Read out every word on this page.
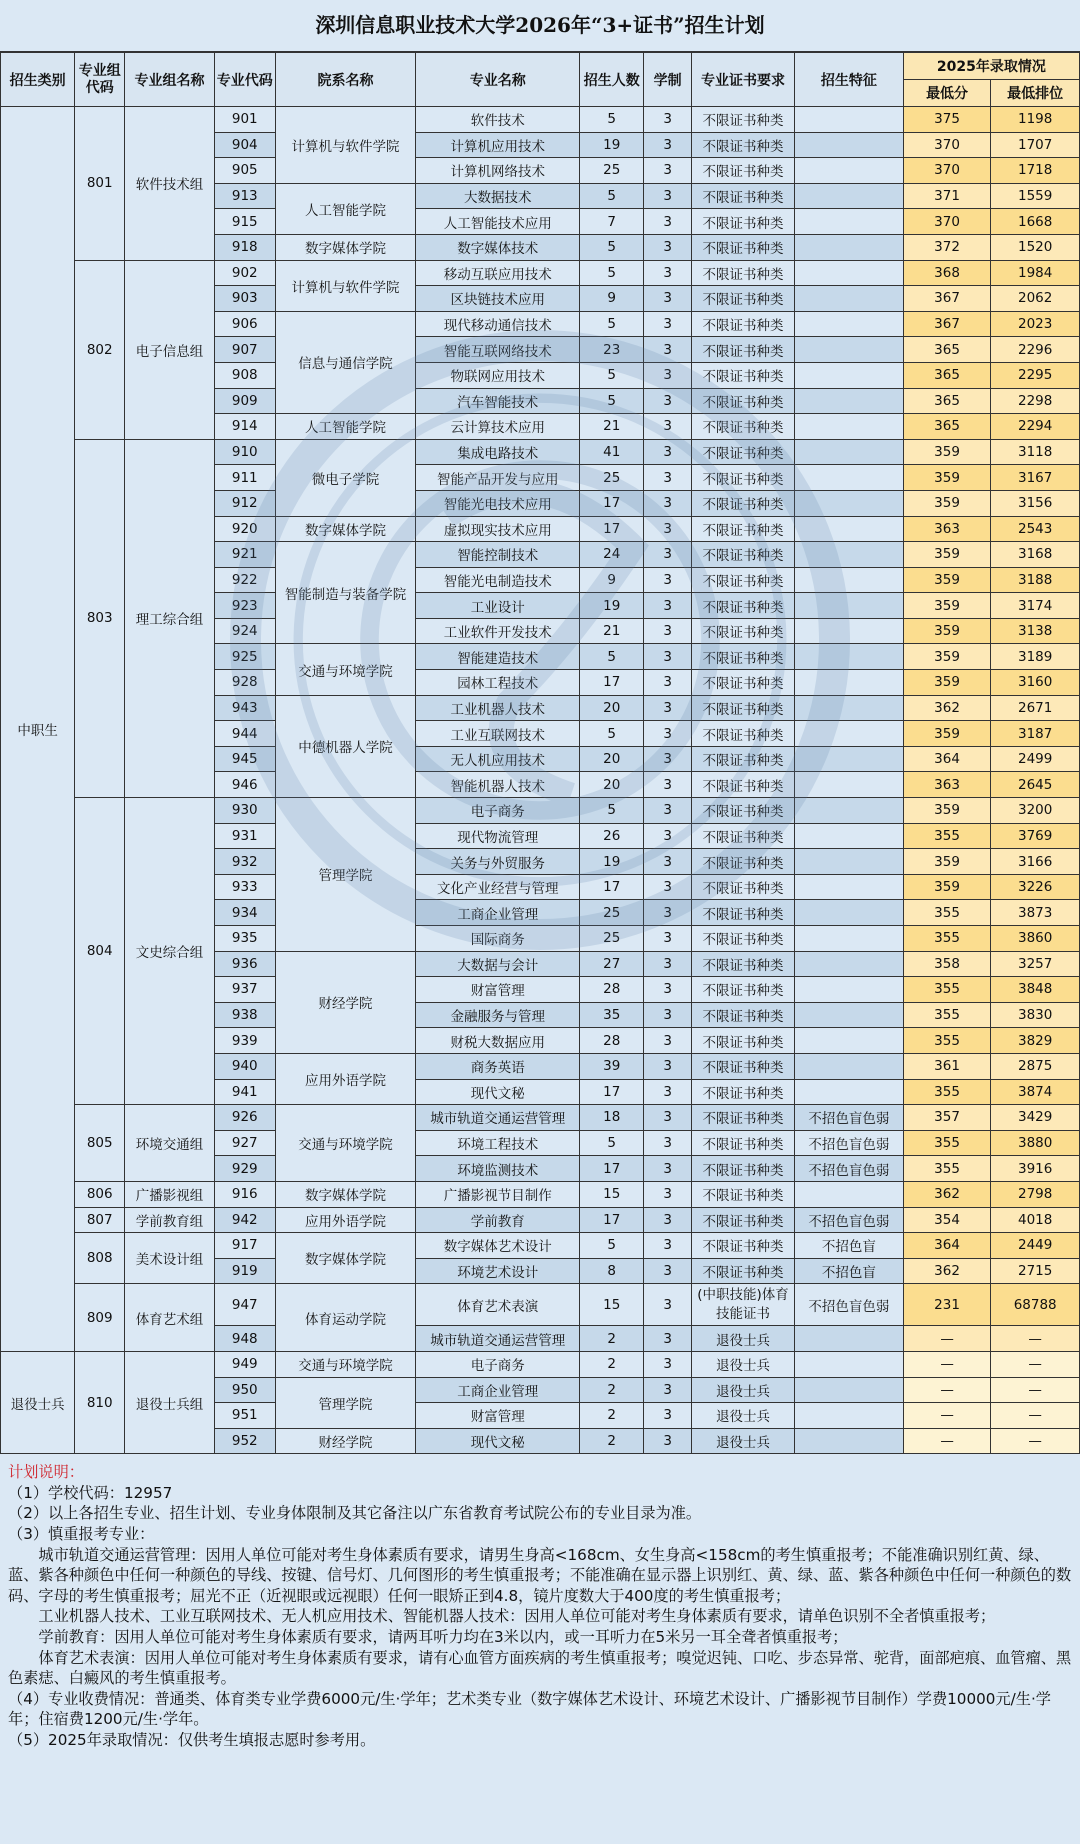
深圳信息职业技术大学2026年“3+证书”招生计划
招生类别	专业组代码	专业组名称	专业代码	院系名称	专业名称	招生人数	学制	专业证书要求	招生特征	2025年录取情况	
										最低分	最低排位
中职生	801	软件技术组	901	计算机与软件学院	软件技术	5	3	不限证书种类		375	1198
			904		计算机应用技术	19	3	不限证书种类		370	1707
			905		计算机网络技术	25	3	不限证书种类		370	1718
			913	人工智能学院	大数据技术	5	3	不限证书种类		371	1559
			915		人工智能技术应用	7	3	不限证书种类		370	1668
			918	数字媒体学院	数字媒体技术	5	3	不限证书种类		372	1520
	802	电子信息组	902	计算机与软件学院	移动互联应用技术	5	3	不限证书种类		368	1984
			903		区块链技术应用	9	3	不限证书种类		367	2062
			906	信息与通信学院	现代移动通信技术	5	3	不限证书种类		367	2023
			907		智能互联网络技术	23	3	不限证书种类		365	2296
			908		物联网应用技术	5	3	不限证书种类		365	2295
			909		汽车智能技术	5	3	不限证书种类		365	2298
			914	人工智能学院	云计算技术应用	21	3	不限证书种类		365	2294
	803	理工综合组	910	微电子学院	集成电路技术	41	3	不限证书种类		359	3118
			911		智能产品开发与应用	25	3	不限证书种类		359	3167
			912		智能光电技术应用	17	3	不限证书种类		359	3156
			920	数字媒体学院	虚拟现实技术应用	17	3	不限证书种类		363	2543
			921	智能制造与装备学院	智能控制技术	24	3	不限证书种类		359	3168
			922		智能光电制造技术	9	3	不限证书种类		359	3188
			923		工业设计	19	3	不限证书种类		359	3174
			924		工业软件开发技术	21	3	不限证书种类		359	3138
			925	交通与环境学院	智能建造技术	5	3	不限证书种类		359	3189
			928		园林工程技术	17	3	不限证书种类		359	3160
			943	中德机器人学院	工业机器人技术	20	3	不限证书种类		362	2671
			944		工业互联网技术	5	3	不限证书种类		359	3187
			945		无人机应用技术	20	3	不限证书种类		364	2499
			946		智能机器人技术	20	3	不限证书种类		363	2645
	804	文史综合组	930	管理学院	电子商务	5	3	不限证书种类		359	3200
			931		现代物流管理	26	3	不限证书种类		355	3769
			932		关务与外贸服务	19	3	不限证书种类		359	3166
			933		文化产业经营与管理	17	3	不限证书种类		359	3226
			934		工商企业管理	25	3	不限证书种类		355	3873
			935		国际商务	25	3	不限证书种类		355	3860
			936	财经学院	大数据与会计	27	3	不限证书种类		358	3257
			937		财富管理	28	3	不限证书种类		355	3848
			938		金融服务与管理	35	3	不限证书种类		355	3830
			939		财税大数据应用	28	3	不限证书种类		355	3829
			940	应用外语学院	商务英语	39	3	不限证书种类		361	2875
			941		现代文秘	17	3	不限证书种类		355	3874
	805	环境交通组	926	交通与环境学院	城市轨道交通运营管理	18	3	不限证书种类	不招色盲色弱	357	3429
			927		环境工程技术	5	3	不限证书种类	不招色盲色弱	355	3880
			929		环境监测技术	17	3	不限证书种类	不招色盲色弱	355	3916
	806	广播影视组	916	数字媒体学院	广播影视节目制作	15	3	不限证书种类		362	2798
	807	学前教育组	942	应用外语学院	学前教育	17	3	不限证书种类	不招色盲色弱	354	4018
	808	美术设计组	917	数字媒体学院	数字媒体艺术设计	5	3	不限证书种类	不招色盲	364	2449
			919		环境艺术设计	8	3	不限证书种类	不招色盲	362	2715
	809	体育艺术组	947	体育运动学院	体育艺术表演	15	3	(中职技能)体育技能证书	不招色盲色弱	231	68788
			948		城市轨道交通运营管理	2	3	退役士兵		—	—
退役士兵	810	退役士兵组	949	交通与环境学院	电子商务	2	3	退役士兵		—	—
			950	管理学院	工商企业管理	2	3	退役士兵		—	—
			951		财富管理	2	3	退役士兵		—	—
			952	财经学院	现代文秘	2	3	退役士兵		—	—

计划说明：

（1）学校代码：12957

（2）以上各招生专业、招生计划、专业身体限制及其它备注以广东省教育考试院公布的专业目录为准。

（3）慎重报考专业：

城市轨道交通运营管理：因用人单位可能对考生身体素质有要求，请男生身高<168cm、女生身高<158cm的考生慎重报考；不能准确识别红黄、绿、蓝、紫各种颜色中任何一种颜色的导线、按键、信号灯、几何图形的考生慎重报考；不能准确在显示器上识别红、黄、绿、蓝、紫各种颜色中任何一种颜色的数码、字母的考生慎重报考；屈光不正（近视眼或远视眼）任何一眼矫正到4.8，镜片度数大于400度的考生慎重报考；

工业机器人技术、工业互联网技术、无人机应用技术、智能机器人技术：因用人单位可能对考生身体素质有要求，请单色识别不全者慎重报考；

学前教育：因用人单位可能对考生身体素质有要求，请两耳听力均在3米以内，或一耳听力在5米另一耳全聋者慎重报考；

体育艺术表演：因用人单位可能对考生身体素质有要求，请有心血管方面疾病的考生慎重报考；嗅觉迟钝、口吃、步态异常、驼背，面部疤痕、血管瘤、黑色素痣、白癜风的考生慎重报考。

（4）专业收费情况：普通类、体育类专业学费6000元/生·学年；艺术类专业（数字媒体艺术设计、环境艺术设计、广播影视节目制作）学费10000元/生·学年；住宿费1200元/生·学年。

（5）2025年录取情况：仅供考生填报志愿时参考用。
